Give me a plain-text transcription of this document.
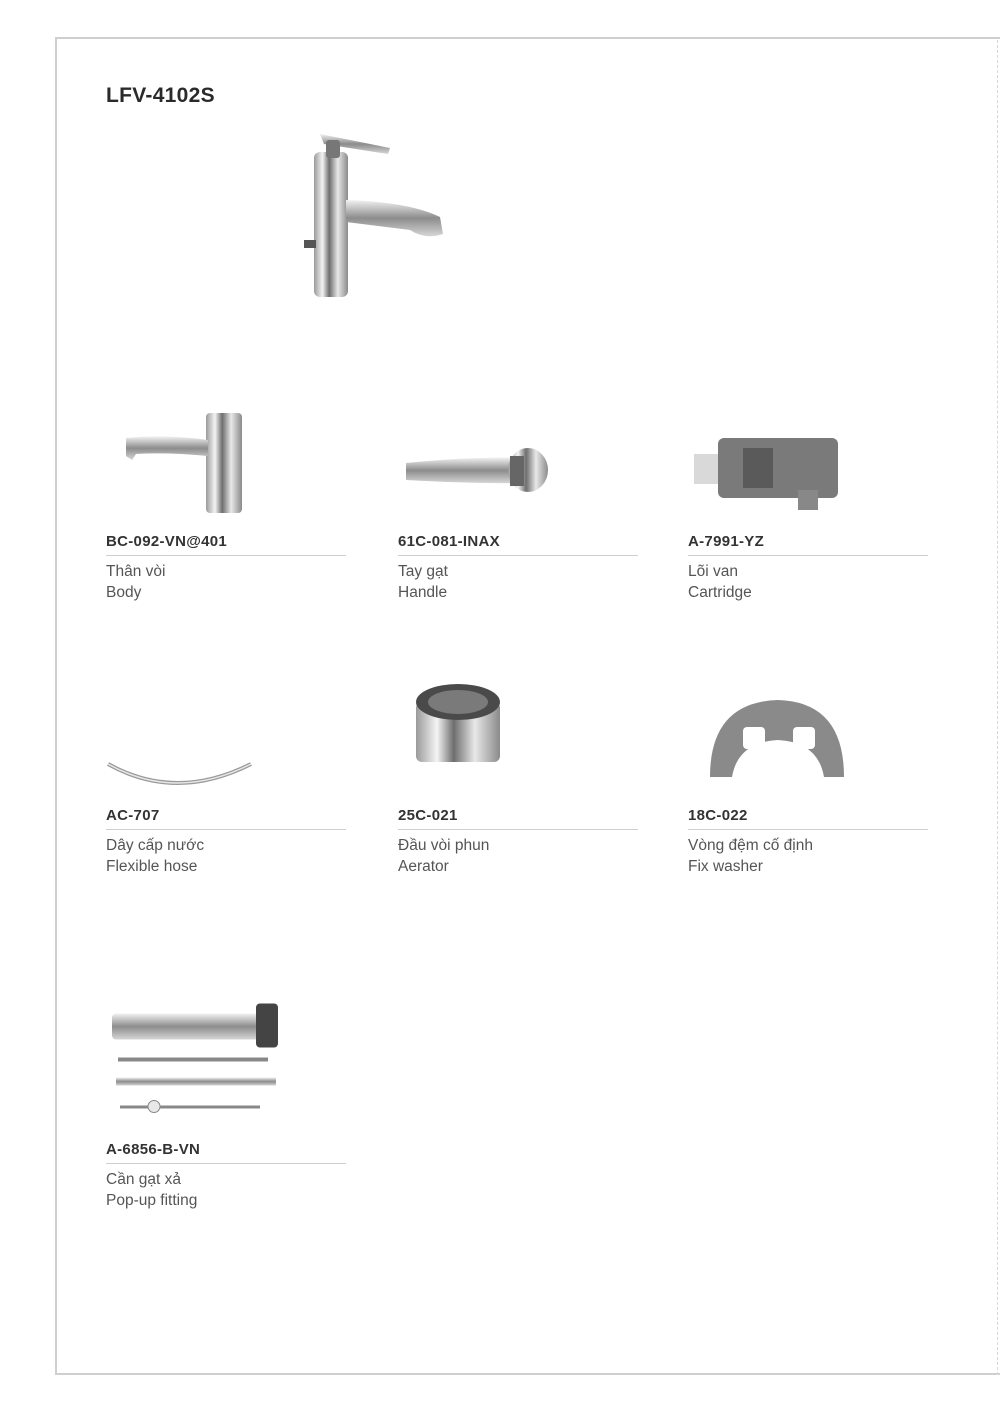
LFV-4102S
BC-092-VN@401
Thân vòi
Body
61C-081-INAX
Tay gạt
Handle
A-7991-YZ
Lõi van
Cartridge
AC-707
Dây cấp nước
Flexible hose
25C-021
Đầu vòi phun
Aerator
18C-022
Vòng đệm cố định
Fix washer
A-6856-B-VN
Cần gạt xả
Pop-up fitting
